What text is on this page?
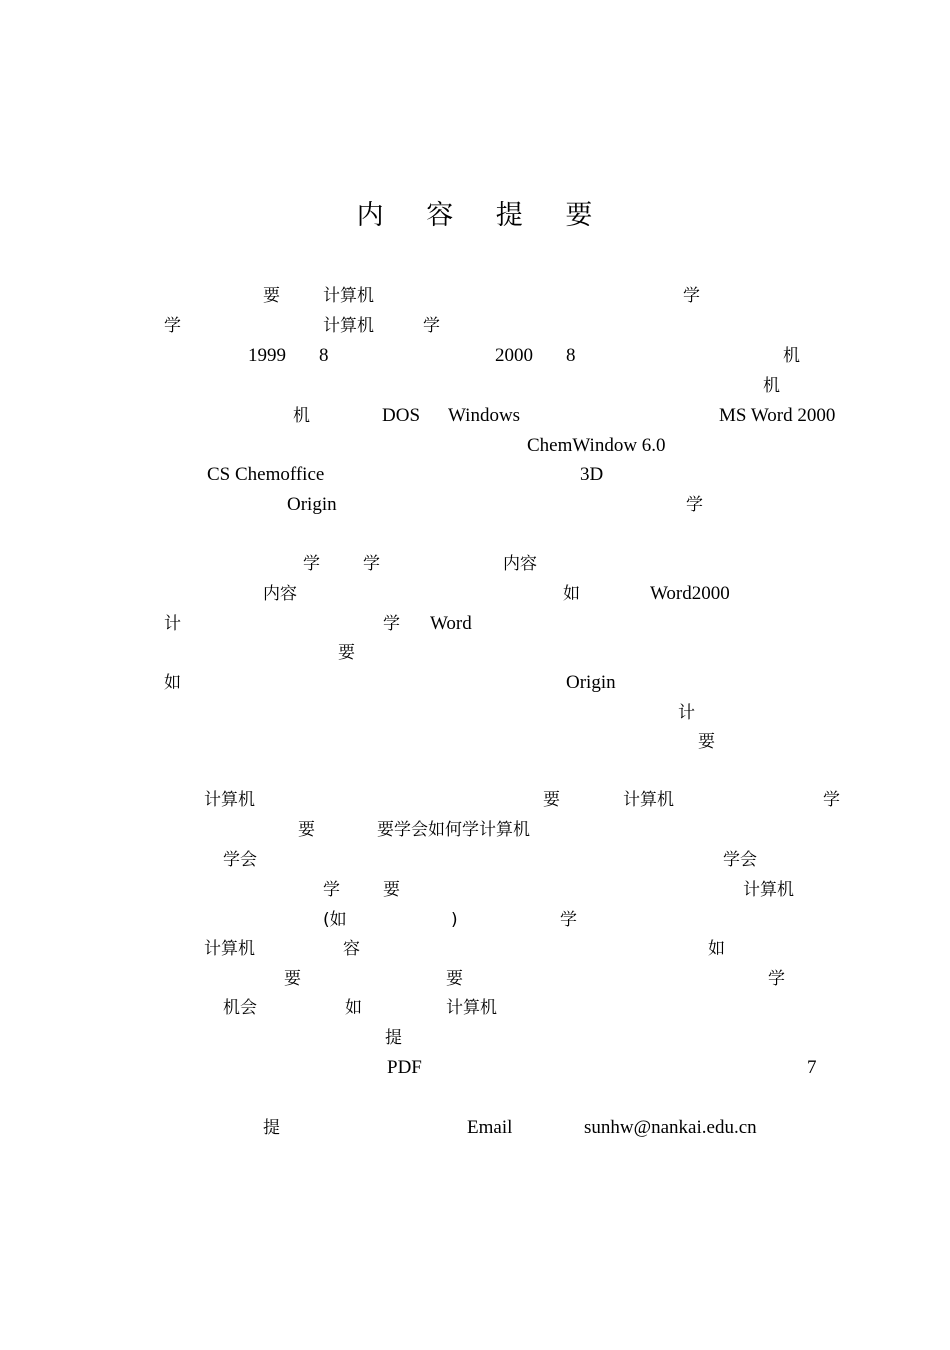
内 容 提 要
要	计算机	学
学	计算机	学
1999 8	2000 8	机
机
机	DOS Windows	MS Word 2000
ChemWindow 6.0
CS Chemoffice	3D
Origin	学
学	学	内容
内容	如	Word2000
计	学 Word
要
如	Origin
计
要
计算机	要	计算机	学
要	要学会如何学计算机
学会	学会
学	要	计算机
(如	)	学
计算机	容	如
要	要	学
机会	如	计算机
提
PDF	7
提	Email	sunhw@nankai.edu.cn
